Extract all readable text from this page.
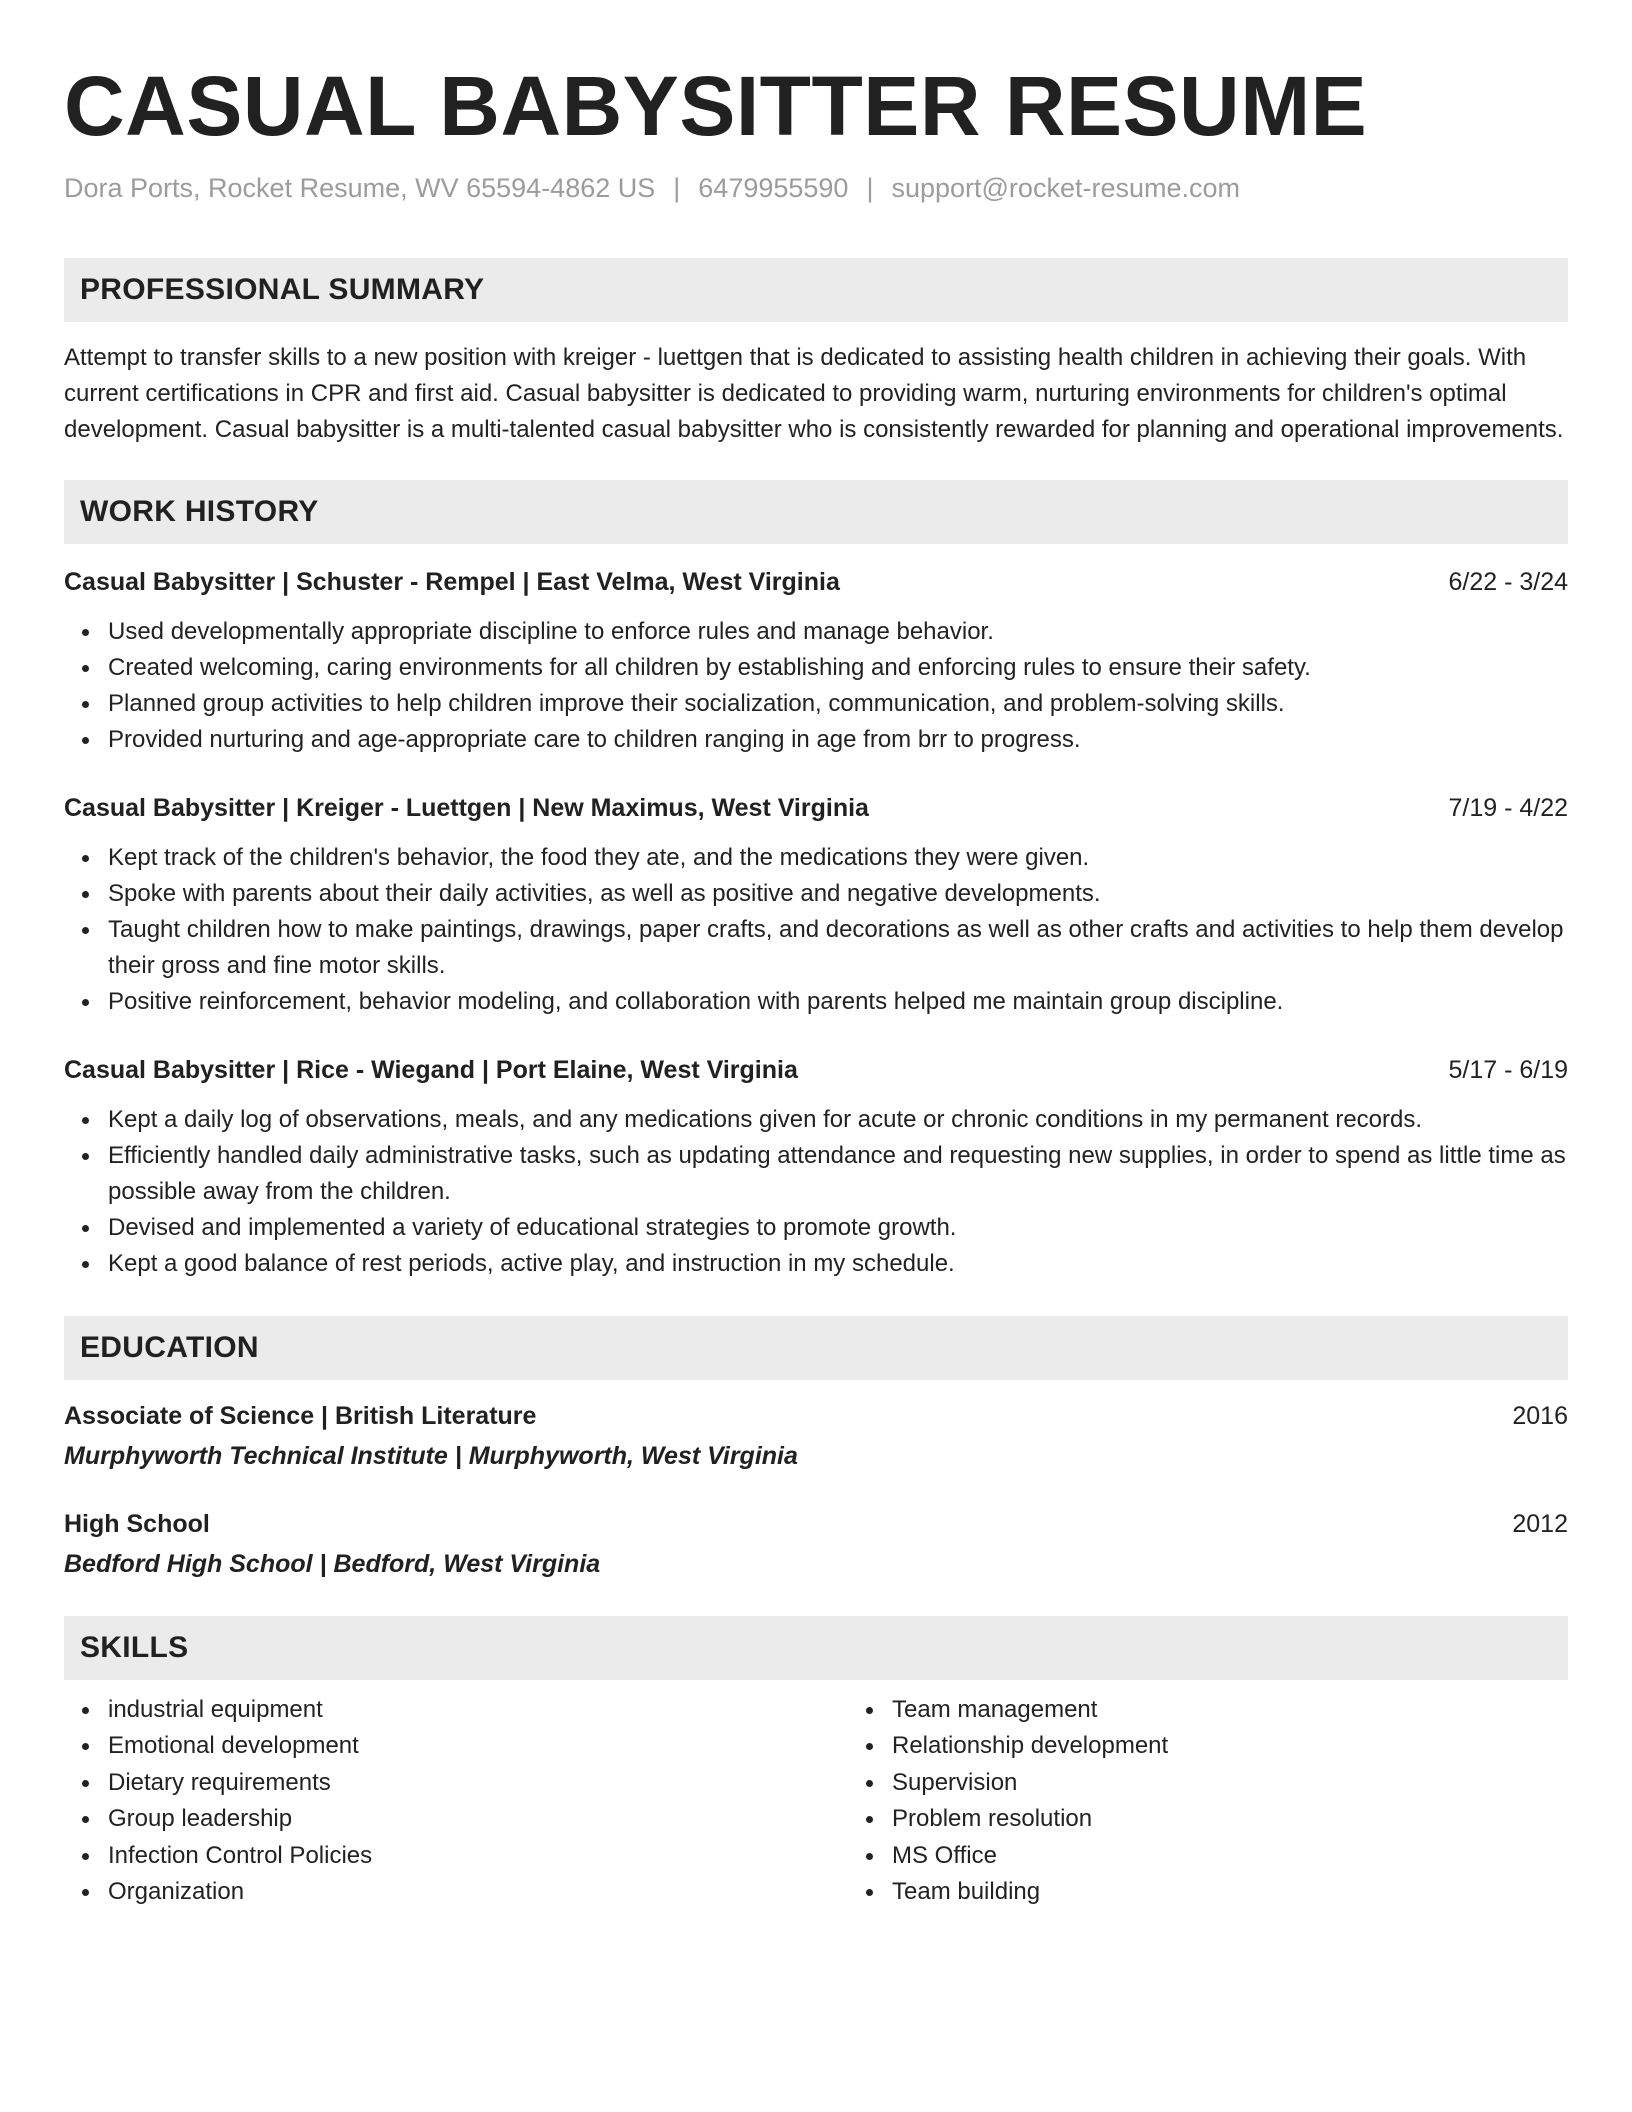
CASUAL BABYSITTER RESUME
Dora Ports, Rocket Resume, WV 65594-4862 US | 6479955590 | support@rocket-resume.com
PROFESSIONAL SUMMARY
Attempt to transfer skills to a new position with kreiger - luettgen that is dedicated to assisting health children in achieving their goals. With current certifications in CPR and first aid. Casual babysitter is dedicated to providing warm, nurturing environments for children's optimal development. Casual babysitter is a multi-talented casual babysitter who is consistently rewarded for planning and operational improvements.
WORK HISTORY
Casual Babysitter | Schuster - Rempel | East Velma, West Virginia	6/22 - 3/24
Used developmentally appropriate discipline to enforce rules and manage behavior.
Created welcoming, caring environments for all children by establishing and enforcing rules to ensure their safety.
Planned group activities to help children improve their socialization, communication, and problem-solving skills.
Provided nurturing and age-appropriate care to children ranging in age from brr to progress.
Casual Babysitter | Kreiger - Luettgen | New Maximus, West Virginia	7/19 - 4/22
Kept track of the children's behavior, the food they ate, and the medications they were given.
Spoke with parents about their daily activities, as well as positive and negative developments.
Taught children how to make paintings, drawings, paper crafts, and decorations as well as other crafts and activities to help them develop their gross and fine motor skills.
Positive reinforcement, behavior modeling, and collaboration with parents helped me maintain group discipline.
Casual Babysitter | Rice - Wiegand | Port Elaine, West Virginia	5/17 - 6/19
Kept a daily log of observations, meals, and any medications given for acute or chronic conditions in my permanent records.
Efficiently handled daily administrative tasks, such as updating attendance and requesting new supplies, in order to spend as little time as possible away from the children.
Devised and implemented a variety of educational strategies to promote growth.
Kept a good balance of rest periods, active play, and instruction in my schedule.
EDUCATION
Associate of Science | British Literature	2016
Murphyworth Technical Institute | Murphyworth, West Virginia
High School	2012
Bedford High School | Bedford, West Virginia
SKILLS
industrial equipment
Emotional development
Dietary requirements
Group leadership
Infection Control Policies
Organization
Team management
Relationship development
Supervision
Problem resolution
MS Office
Team building
